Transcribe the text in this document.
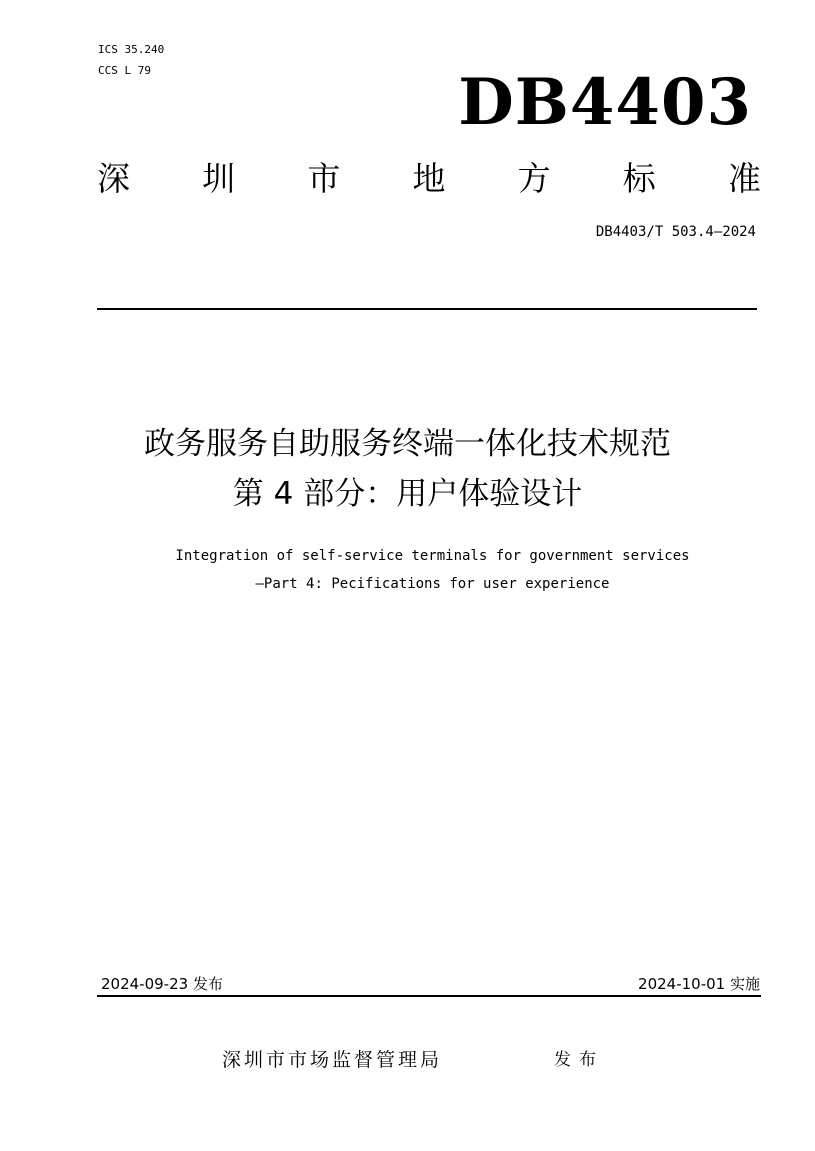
ICS 35.240
CCS L 79	DB4403
深 圳 市 地 方 标 准
DB4403/T 503.4—2024
政务服务自助服务终端一体化技术规范
第 4 部分：用户体验设计
Integration of self-service terminals for government services
—Part 4: Pecifications for user experience
2024-09-23 发布	2024-10-01 实施
深圳市市场监督管理局	发布
